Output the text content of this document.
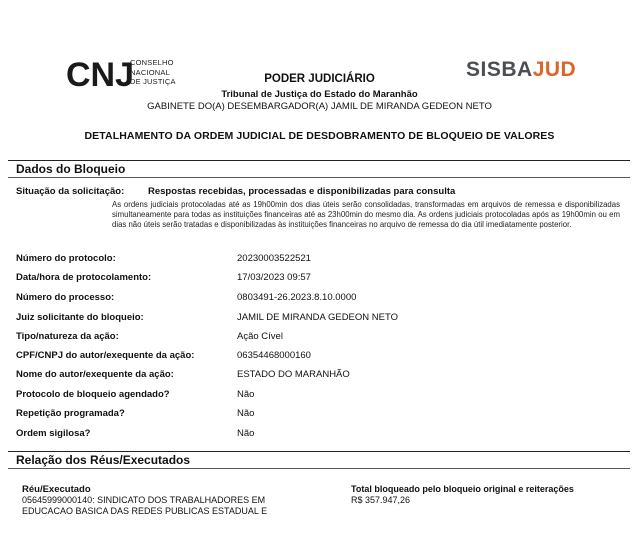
CNJ
CONSELHO
NACIONAL
DE JUSTIÇA
SISBAJUD
PODER JUDICIÁRIO
Tribunal de Justiça do Estado do Maranhão
GABINETE DO(A) DESEMBARGADOR(A) JAMIL DE MIRANDA GEDEON NETO
DETALHAMENTO DA ORDEM JUDICIAL DE DESDOBRAMENTO DE BLOQUEIO DE VALORES
Dados do Bloqueio
Situação da solicitação:	Respostas recebidas, processadas e disponibilizadas para consulta
As ordens judiciais protocoladas até as 19h00min dos dias úteis serão consolidadas, transformadas em arquivos de remessa e disponibilizadas simultaneamente para todas as instituições financeiras até as 23h00min do mesmo dia. As ordens judiciais protocoladas após as 19h00min ou em dias não úteis serão tratadas e disponibilizadas às instituições financeiras no arquivo de remessa do dia útil imediatamente posterior.
Número do protocolo:	20230003522521
Data/hora de protocolamento:	17/03/2023 09:57
Número do processo:	0803491-26.2023.8.10.0000
Juiz solicitante do bloqueio:	JAMIL DE MIRANDA GEDEON NETO
Tipo/natureza da ação:	Ação Cível
CPF/CNPJ do autor/exequente da ação:	06354468000160
Nome do autor/exequente da ação:	ESTADO DO MARANHÃO
Protocolo de bloqueio agendado?	Não
Repetição programada?	Não
Ordem sigilosa?	Não
Relação dos Réus/Executados
Réu/Executado
05645999000140: SINDICATO DOS TRABALHADORES EM
EDUCACAO BASICA DAS REDES PUBLICAS ESTADUAL E
Total bloqueado pelo bloqueio original e reiterações
R$ 357.947,26
